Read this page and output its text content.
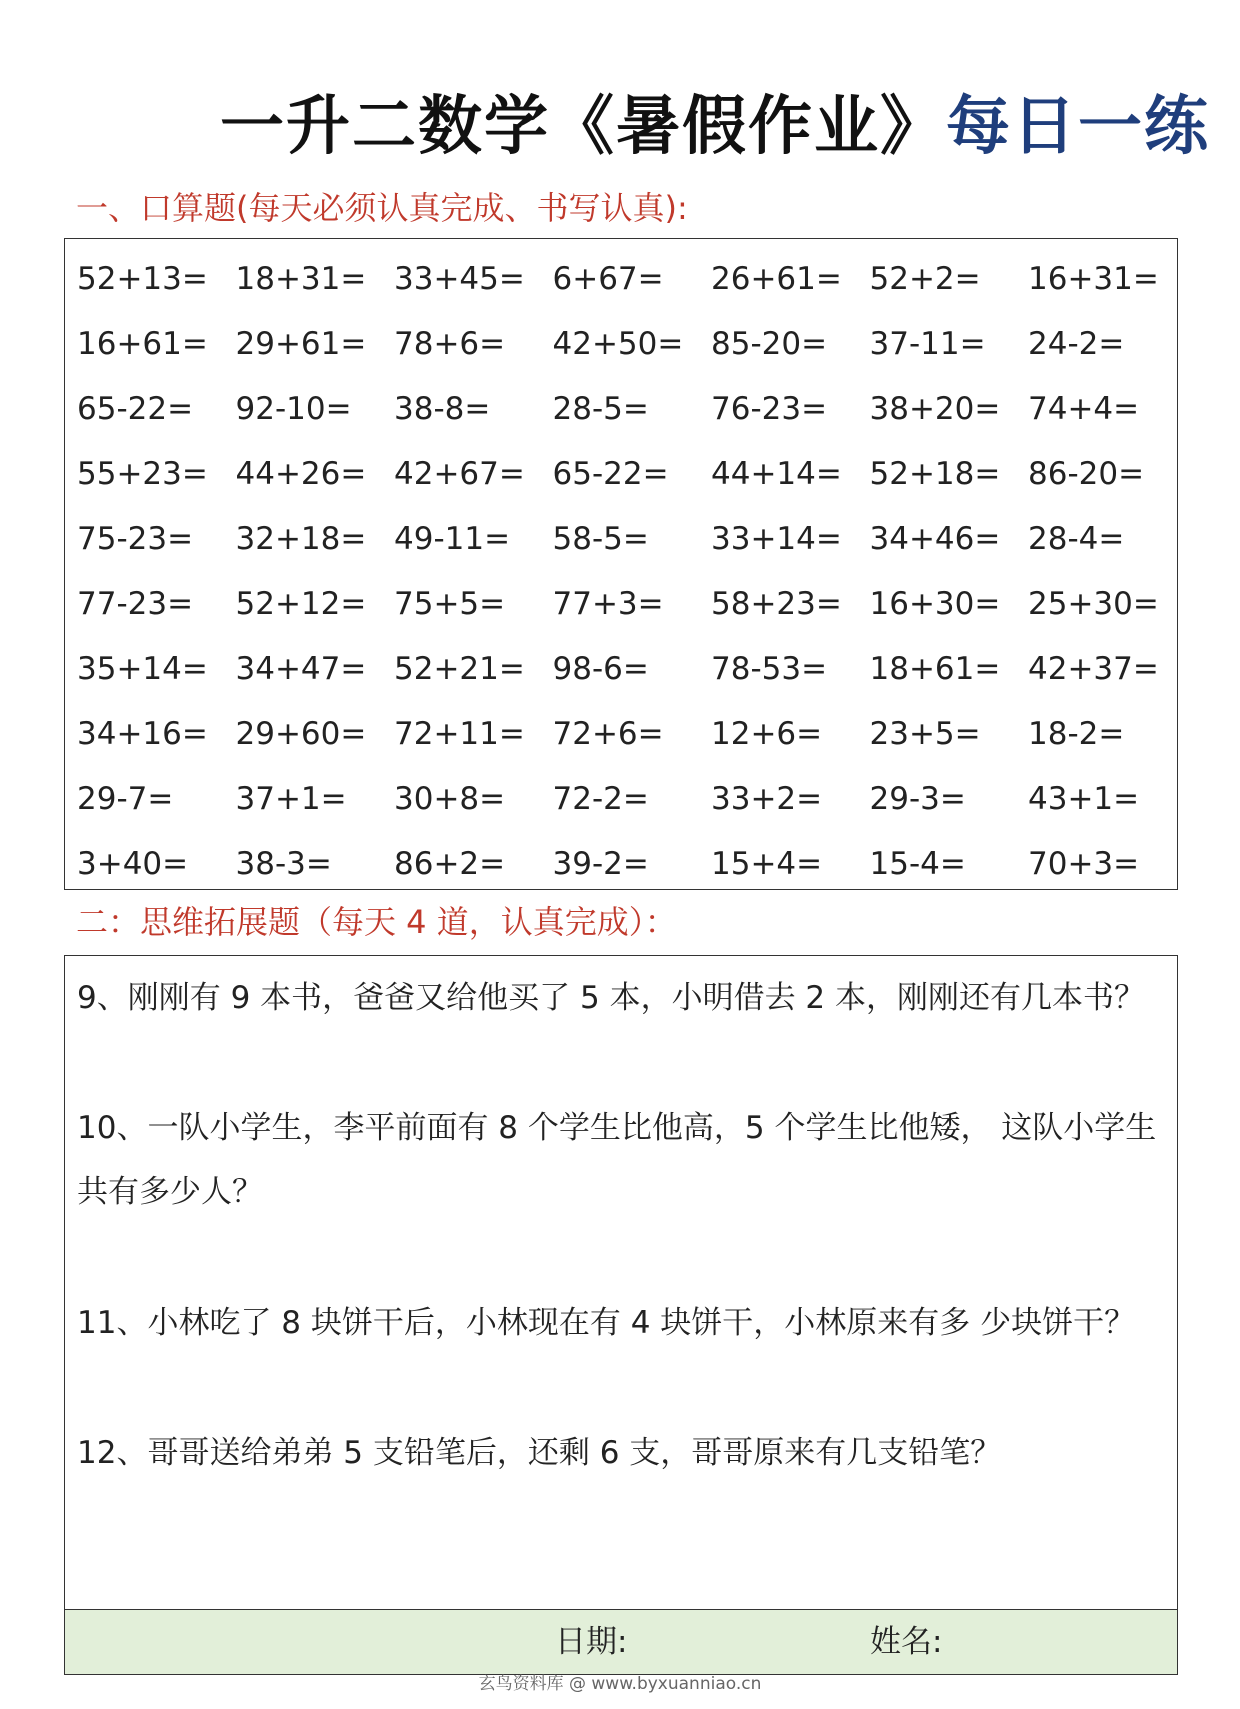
一升二数学《暑假作业》每日一练
一、口算题(每天必须认真完成、书写认真):
52+13= 18+31= 33+45= 6+67=	26+61= 52+2=	16+31=
16+61= 29+61= 78+6=	42+50= 85-20=	37-11=	24-2=
65-22=	92-10=	38-8=	28-5=	76-23=	38+20= 74+4=
55+23= 44+26= 42+67= 65-22=	44+14= 52+18= 86-20=
75-23=	32+18= 49-11=	58-5=	33+14= 34+46= 28-4=
77-23=	52+12= 75+5=	77+3=	58+23= 16+30= 25+30=
35+14= 34+47= 52+21= 98-6=	78-53=	18+61= 42+37=
34+16= 29+60= 72+11= 72+6=	12+6=	23+5=	18-2=
29-7=	37+1=	30+8=	72-2=	33+2=	29-3=	43+1=
3+40=	38-3=	86+2=	39-2=	15+4=	15-4=	70+3=
二：思维拓展题（每天 4 道，认真完成）：
9、刚刚有 9 本书，爸爸又给他买了 5 本，小明借去 2 本，刚刚还有几本书？
10、一队小学生，李平前面有 8 个学生比他高，5 个学生比他矮， 这队小学生共有多少人？
11、小林吃了 8 块饼干后，小林现在有 4 块饼干，小林原来有多 少块饼干？
12、哥哥送给弟弟 5 支铅笔后，还剩 6 支，哥哥原来有几支铅笔？
日期:	姓名:
玄鸟资料库 @ www.byxuanniao.cn
